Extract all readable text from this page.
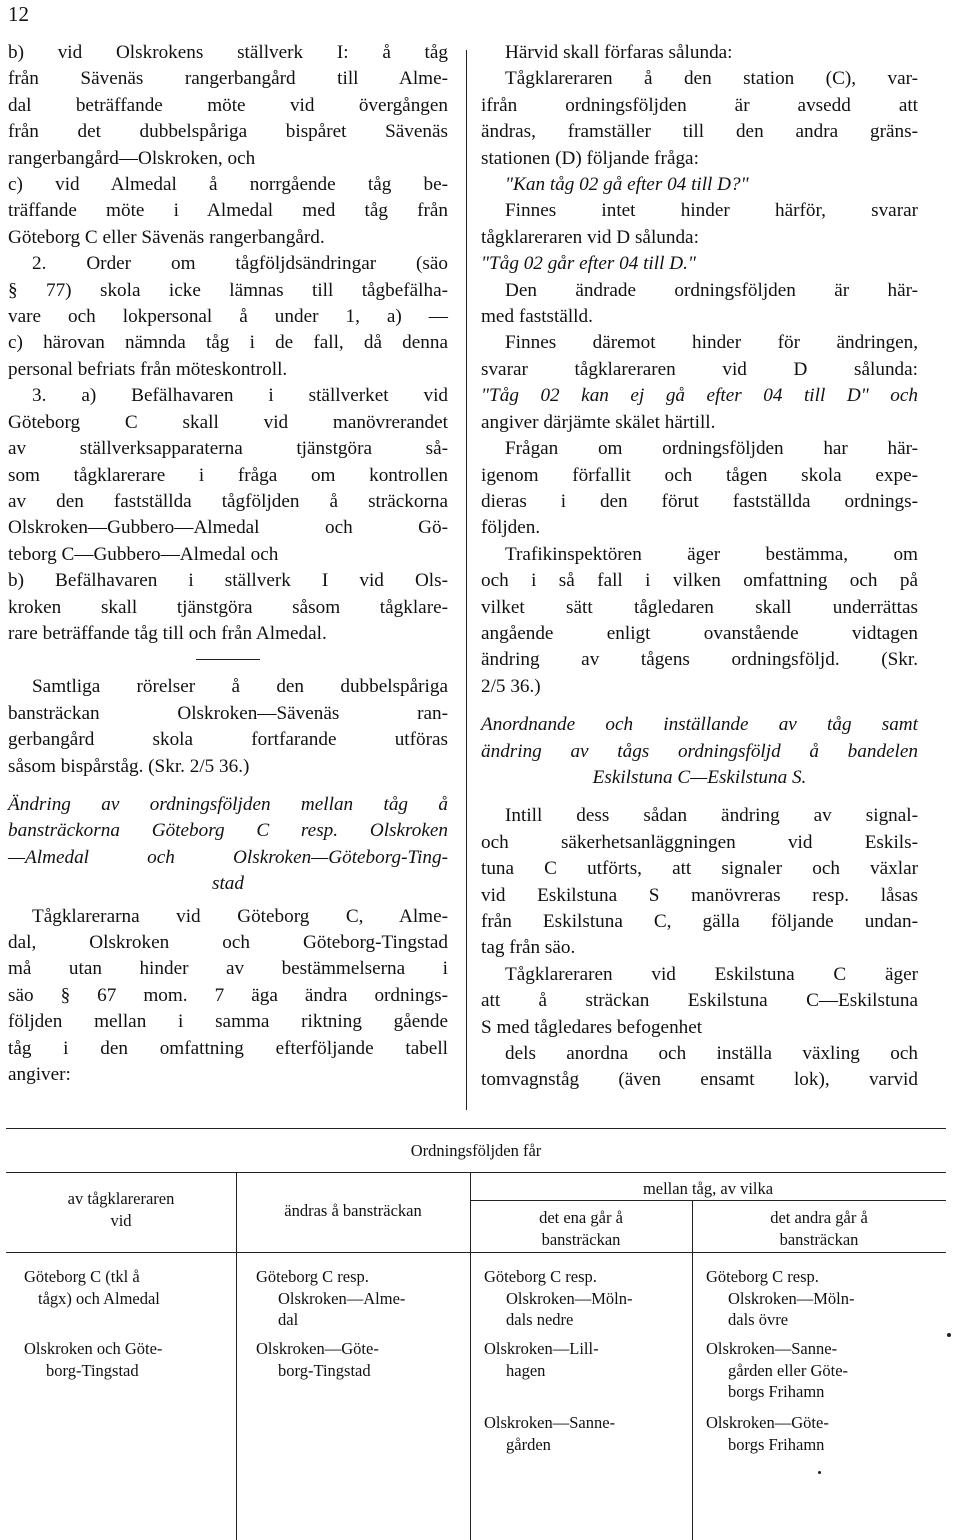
12

b) vid Olskrokens ställverk I: å tåg
från Sävenäs rangerbangård till Alme-
dal beträffande möte vid övergången
från det dubbelspåriga bispåret Sävenäs
rangerbangård—Olskroken, och

c) vid Almedal å norrgående tåg be-
träffande möte i Almedal med tåg från
Göteborg C eller Sävenäs rangerbangård.

2. Order om tågföljdsändringar (säo
§ 77) skola icke lämnas till tågbefälha-
vare och lokpersonal å under 1, a) —
c) härovan nämnda tåg i de fall, då denna
personal befriats från möteskontroll.

3. a) Befälhavaren i ställverket vid
Göteborg C skall vid manövrerandet
av ställverksapparaterna tjänstgöra så-
som tågklarerare i fråga om kontrollen
av den fastställda tågföljden å sträckorna
Olskroken—Gubbero—Almedal och Gö-
teborg C—Gubbero—Almedal och

b) Befälhavaren i ställverk I vid Ols-
kroken skall tjänstgöra såsom tågklare-
rare beträffande tåg till och från Almedal.

Samtliga rörelser å den dubbelspåriga
bansträckan Olskroken—Sävenäs ran-
gerbangård skola fortfarande utföras
såsom bispårståg. (Skr. 2/5 36.)

Ändring av ordningsföljden mellan tåg å
bansträckorna Göteborg C resp. Olskroken
—Almedal och Olskroken—Göteborg-Ting-
stad

Tågklarerarna vid Göteborg C, Alme-
dal, Olskroken och Göteborg-Tingstad
må utan hinder av bestämmelserna i
säo § 67 mom. 7 äga ändra ordnings-
följden mellan i samma riktning gående
tåg i den omfattning efterföljande tabell
angiver:

Härvid skall förfaras sålunda:
Tågklareraren å den station (C), var-
ifrån ordningsföljden är avsedd att
ändras, framställer till den andra gräns-
stationen (D) följande fråga:
"Kan tåg 02 gå efter 04 till D?"

Finnes intet hinder härför, svarar
tågklareraren vid D sålunda:
"Tåg 02 går efter 04 till D."

Den ändrade ordningsföljden är här-
med fastställd.

Finnes däremot hinder för ändringen,
svarar tågklareraren vid D sålunda:
"Tåg 02 kan ej gå efter 04 till D" och
angiver därjämte skälet härtill.

Frågan om ordningsföljden har här-
igenom förfallit och tågen skola expe-
dieras i den förut fastställda ordnings-
följden.

Trafikinspektören äger bestämma, om
och i så fall i vilken omfattning och på
vilket sätt tågledaren skall underrättas
angående enligt ovanstående vidtagen
ändring av tågens ordningsföljd. (Skr.
2/5 36.)

Anordnande och inställande av tåg samt
ändring av tågs ordningsföljd å bandelen
Eskilstuna C—Eskilstuna S.

Intill dess sådan ändring av signal-
och säkerhetsanläggningen vid Eskils-
tuna C utförts, att signaler och växlar
vid Eskilstuna S manövreras resp. låsas
från Eskilstuna C, gälla följande undan-
tag från säo.

Tågklareraren vid Eskilstuna C äger
att å sträckan Eskilstuna C—Eskilstuna
S med tågledares befogenhet

dels anordna och inställa växling och
tomvagnståg (även ensamt lok), varvid

Ordningsföljden får
av tågklareraren
vid	ändras å bansträckan
mellan tåg, av vilka
det ena går å
bansträckan
det andra går å
bansträckan
Göteborg C (tkl å
tågx) och Almedal
Göteborg C resp.
Olskroken—Alme-
dal
Göteborg C resp.
Olskroken—Möln-
dals nedre
Göteborg C resp.
Olskroken—Möln-
dals övre
Olskroken och Göte-
borg-Tingstad
Olskroken—Göte-
borg-Tingstad
Olskroken—Lill-
hagen
Olskroken—Sanne-
gården eller Göte-
borgs Frihamn
Olskroken—Sanne-
gården
Olskroken—Göte-
borgs Frihamn
